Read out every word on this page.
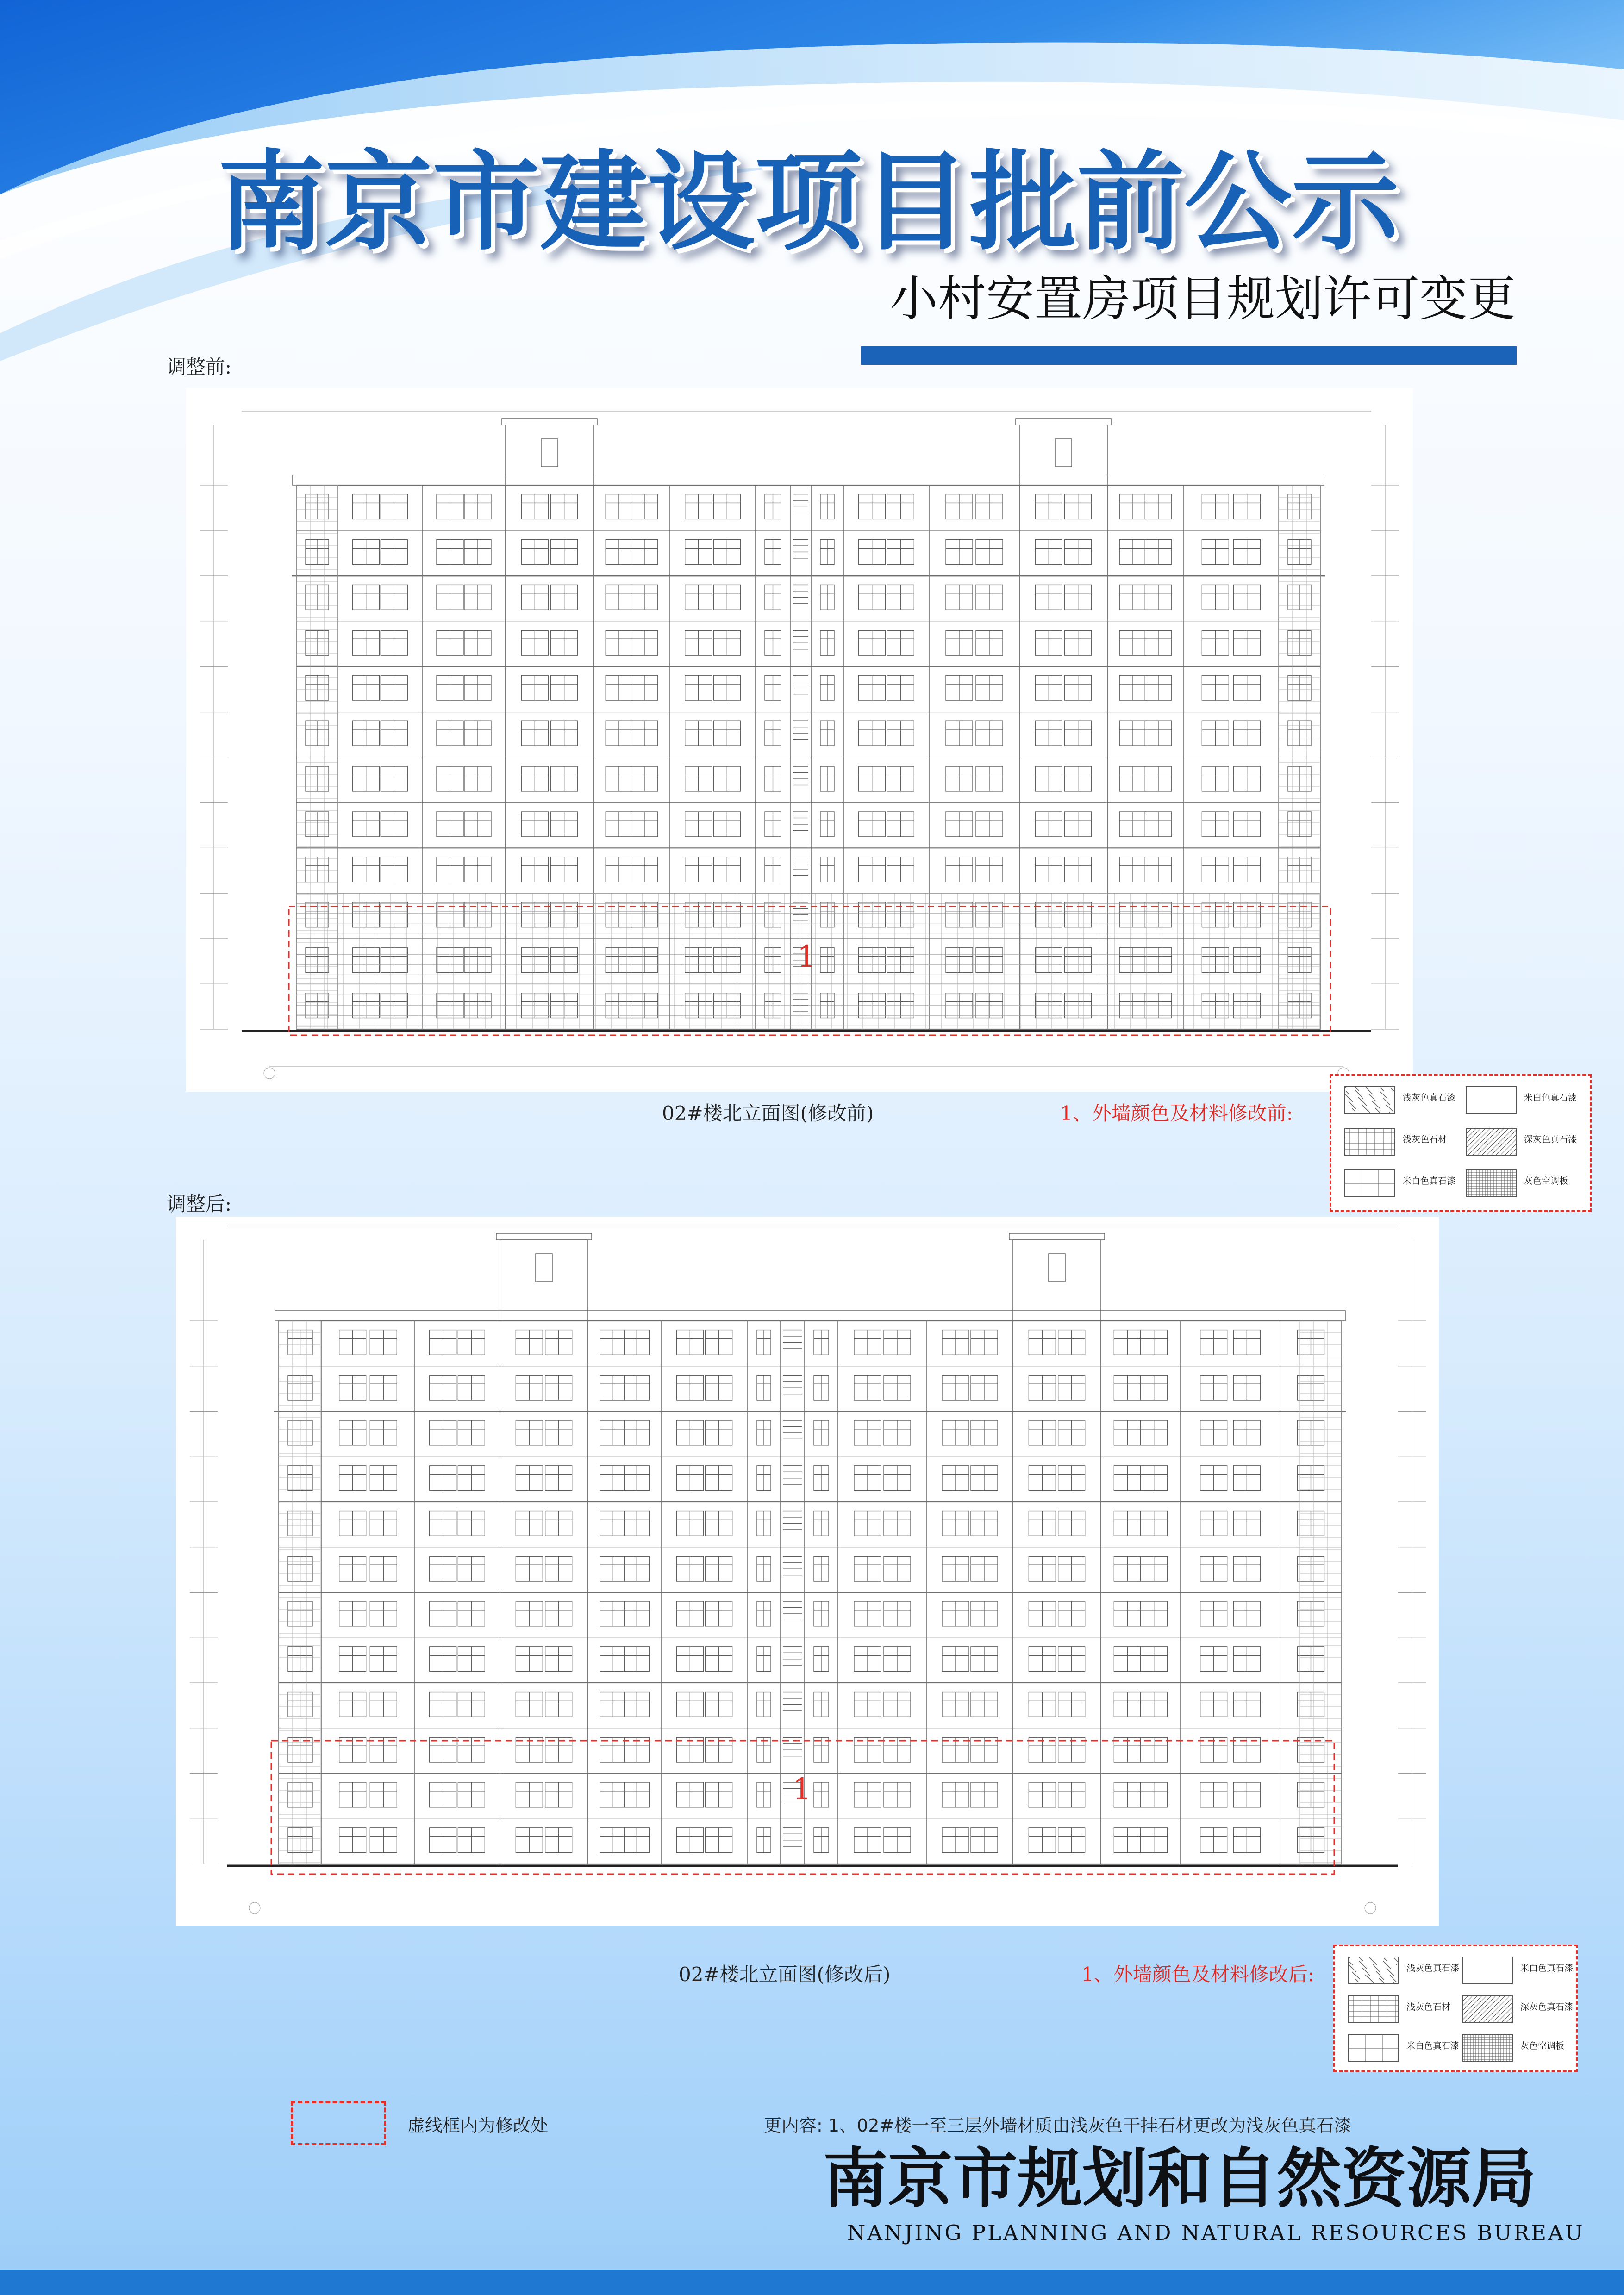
南京市建设项目批前公示
小村安置房项目规划许可变更
调整前:
1
02#楼北立面图(修改前)	1、外墙颜色及材料修改前:
浅灰色真石漆	米白色真石漆
浅灰色石材	深灰色真石漆
米白色真石漆	灰色空调板
调整后:
1
02#楼北立面图(修改后)	1、外墙颜色及材料修改后:	浅灰色真石漆	米白色真石漆
浅灰色石材	深灰色真石漆
米白色真石漆	灰色空调板
虚线框内为修改处	更内容: 1、02#楼一至三层外墙材质由浅灰色干挂石材更改为浅灰色真石漆
南京市规划和自然资源局
NANJING PLANNING AND NATURAL RESOURCES BUREAU
